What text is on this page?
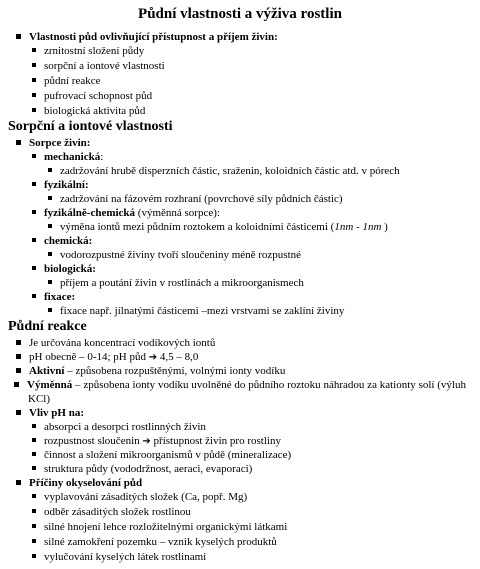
Půdní vlastnosti a výživa rostlin
Vlastnosti půd ovlivňující přístupnost a příjem živin:
zrnitostní složení půdy
sorpční a iontové vlastnosti
půdní reakce
pufrovací schopnost půd
biologická aktivita půd
Sorpční a iontové vlastnosti
Sorpce živin:
mechanická:
zadržování hrubě disperzních částic, sraženin, koloidních částic atd. v pórech
fyzikální:
zadržování na fázovém rozhraní (povrchové síly půdních částic)
fyzikálně-chemická (výměnná sorpce):
výměna iontů mezi půdním roztokem a koloidními částicemi (1nm - 1nm )
chemická:
vodorozpustné živiny tvoří sloučeniny méně rozpustné
biologická:
příjem a poutání živin v rostlinách a mikroorganismech
fixace:
fixace např. jílnatými částicemi –mezi vrstvami se zaklíní živiny
Půdní reakce
Je určována koncentrací vodíkových iontů
pH obecně – 0-14; pH půd ➔ 4,5 – 8,0
Aktivní – způsobena rozpuštěnými, volnými ionty vodíku
Výměnná – způsobena ionty vodíku uvolněné do půdního roztoku náhradou za kationty solí (výluh KCl)
Vliv pH na:
absorpci a desorpci rostlinných živin
rozpustnost sloučenin ➔ přístupnost živin pro rostliny
činnost a složení mikroorganismů v půdě (mineralizace)
struktura půdy (vododržnost, aeraci, evaporaci)
Příčiny okyselování půd
vyplavování zásaditých složek (Ca, popř. Mg)
odběr zásaditých složek rostlinou
silné hnojení lehce rozložitelnými organickými látkami
silné zamokření pozemku – vznik kyselých produktů
vylučování kyselých látek rostlinami
